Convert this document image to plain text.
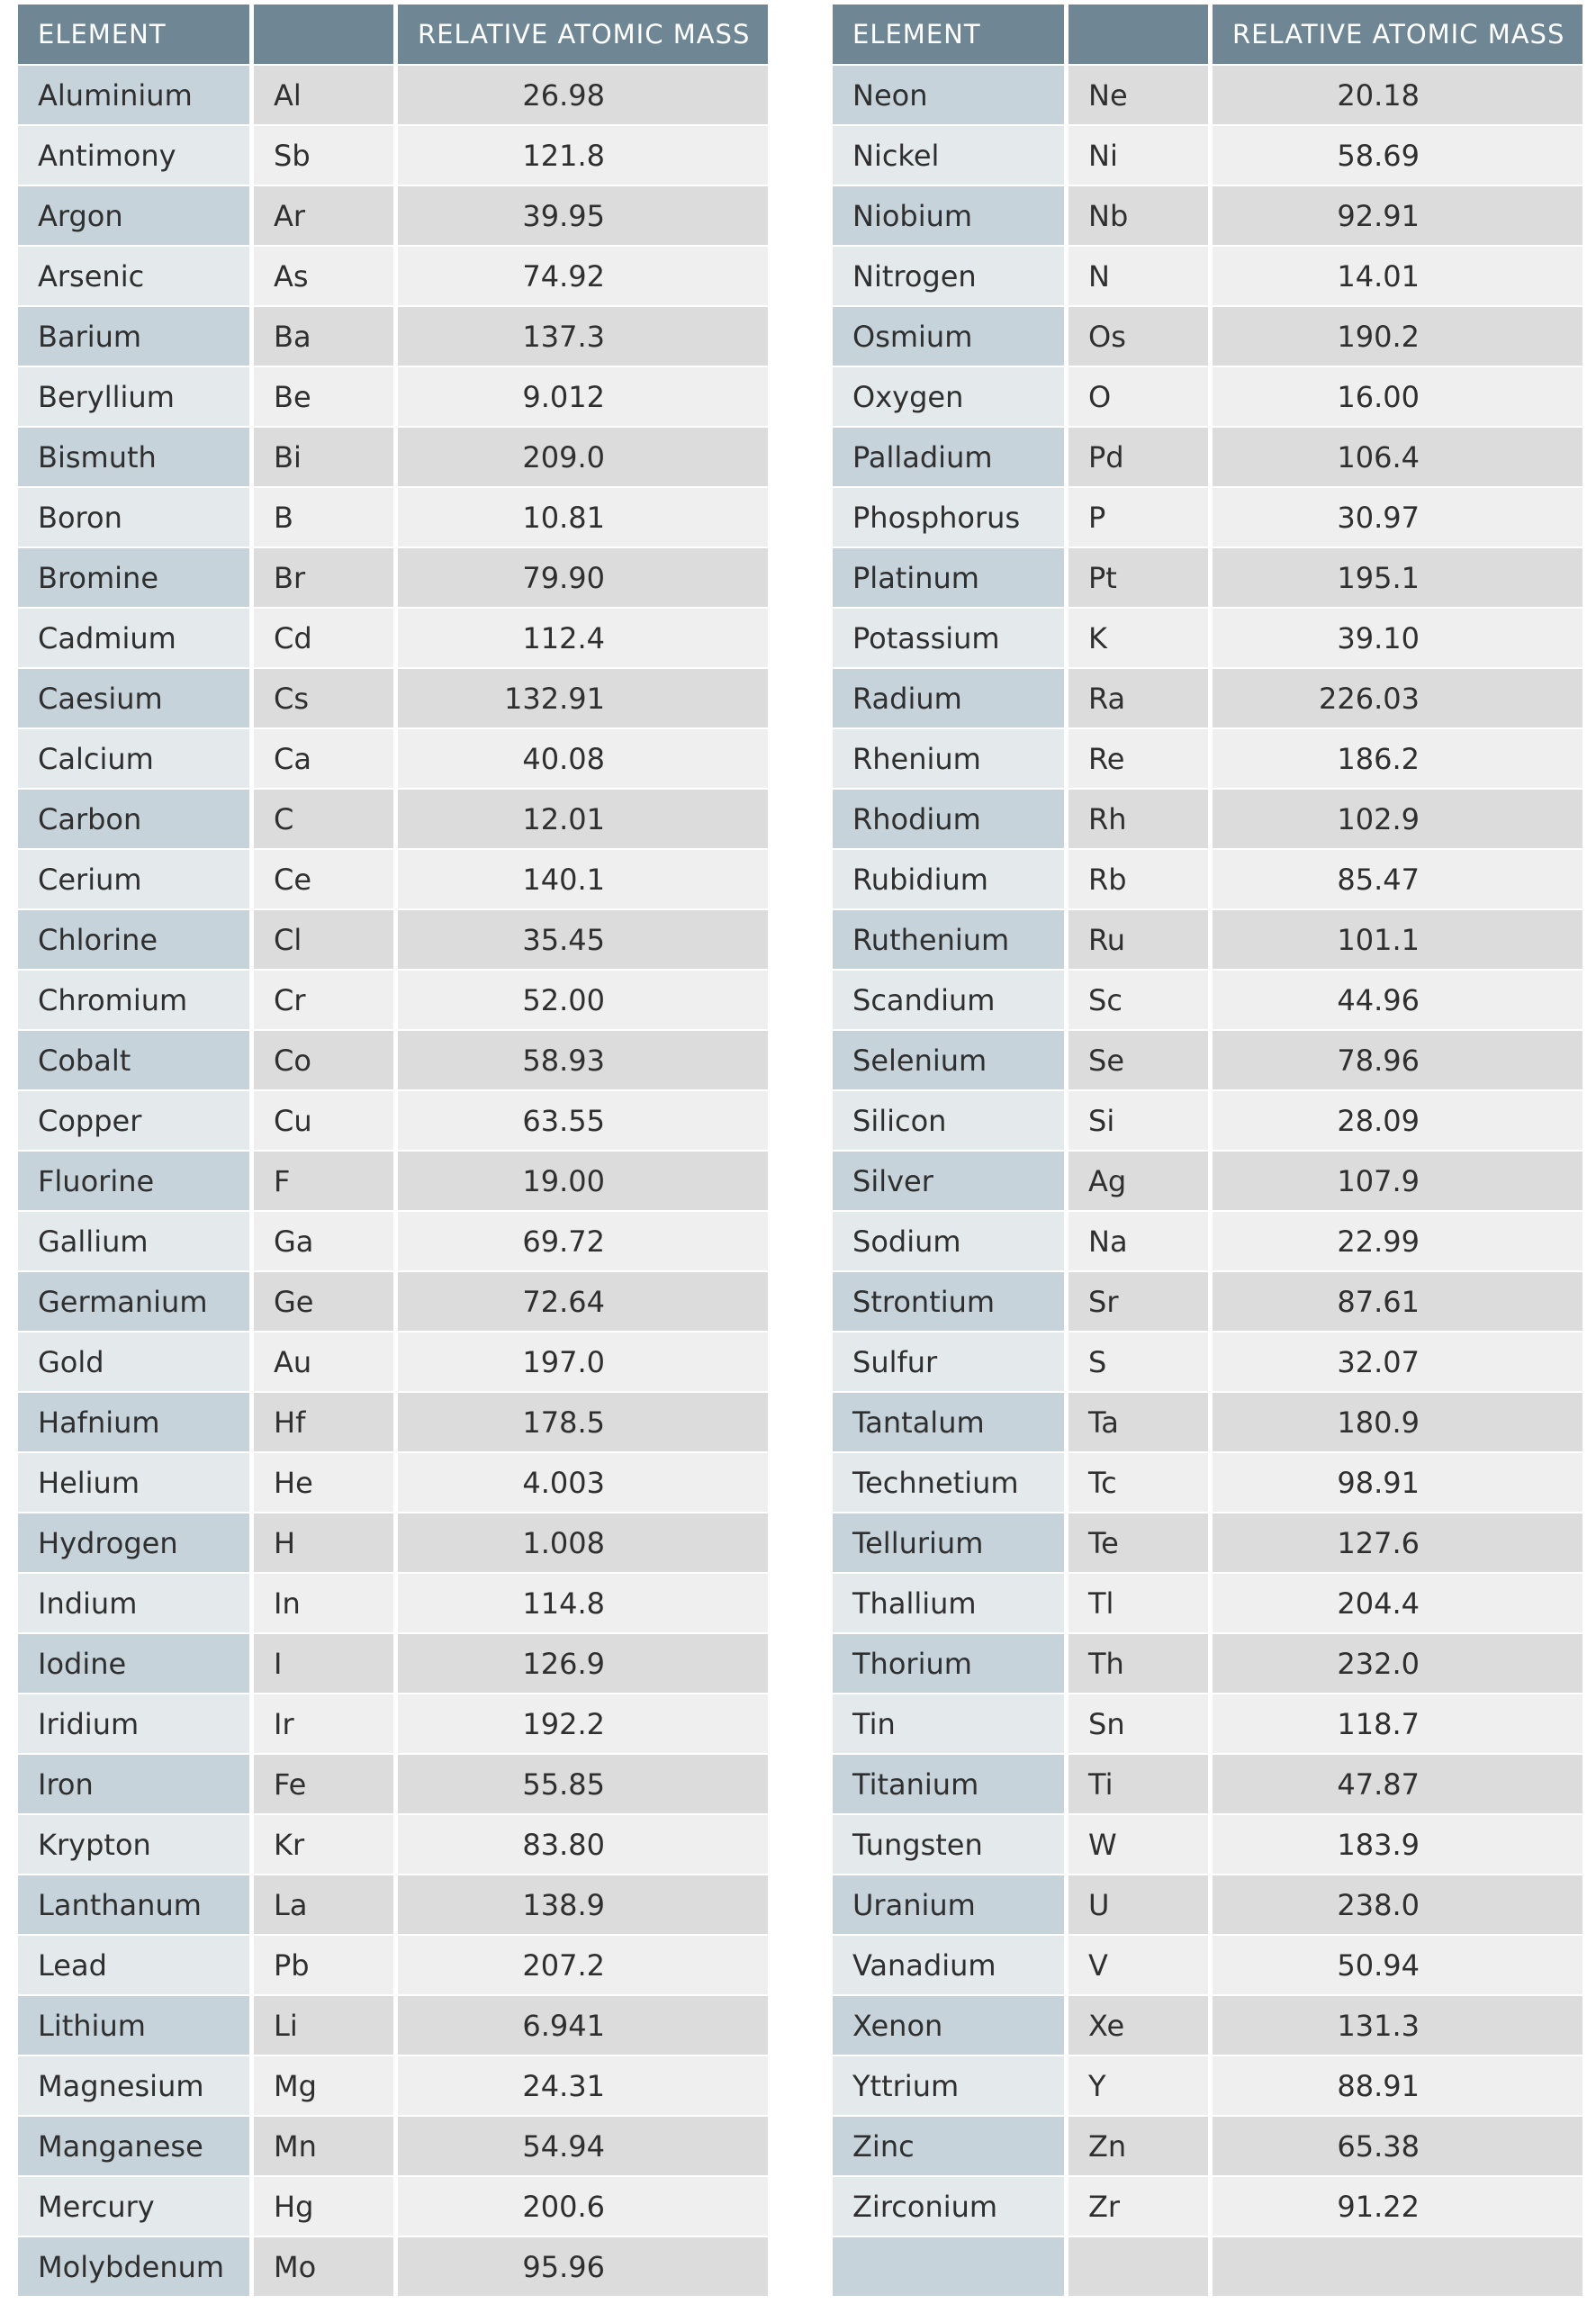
ELEMENT		RELATIVE ATOMIC MASS
Aluminium	Al	26.98
Antimony	Sb	121.8
Argon	Ar	39.95
Arsenic	As	74.92
Barium	Ba	137.3
Beryllium	Be	9.012
Bismuth	Bi	209.0
Boron	B	10.81
Bromine	Br	79.90
Cadmium	Cd	112.4
Caesium	Cs	132.91
Calcium	Ca	40.08
Carbon	C	12.01
Cerium	Ce	140.1
Chlorine	Cl	35.45
Chromium	Cr	52.00
Cobalt	Co	58.93
Copper	Cu	63.55
Fluorine	F	19.00
Gallium	Ga	69.72
Germanium	Ge	72.64
Gold	Au	197.0
Hafnium	Hf	178.5
Helium	He	4.003
Hydrogen	H	1.008
Indium	In	114.8
Iodine	I	126.9
Iridium	Ir	192.2
Iron	Fe	55.85
Krypton	Kr	83.80
Lanthanum	La	138.9
Lead	Pb	207.2
Lithium	Li	6.941
Magnesium	Mg	24.31
Manganese	Mn	54.94
Mercury	Hg	200.6
Molybdenum	Mo	95.96
ELEMENT		RELATIVE ATOMIC MASS
Neon	Ne	20.18
Nickel	Ni	58.69
Niobium	Nb	92.91
Nitrogen	N	14.01
Osmium	Os	190.2
Oxygen	O	16.00
Palladium	Pd	106.4
Phosphorus	P	30.97
Platinum	Pt	195.1
Potassium	K	39.10
Radium	Ra	226.03
Rhenium	Re	186.2
Rhodium	Rh	102.9
Rubidium	Rb	85.47
Ruthenium	Ru	101.1
Scandium	Sc	44.96
Selenium	Se	78.96
Silicon	Si	28.09
Silver	Ag	107.9
Sodium	Na	22.99
Strontium	Sr	87.61
Sulfur	S	32.07
Tantalum	Ta	180.9
Technetium	Tc	98.91
Tellurium	Te	127.6
Thallium	Tl	204.4
Thorium	Th	232.0
Tin	Sn	118.7
Titanium	Ti	47.87
Tungsten	W	183.9
Uranium	U	238.0
Vanadium	V	50.94
Xenon	Xe	131.3
Yttrium	Y	88.91
Zinc	Zn	65.38
Zirconium	Zr	91.22
